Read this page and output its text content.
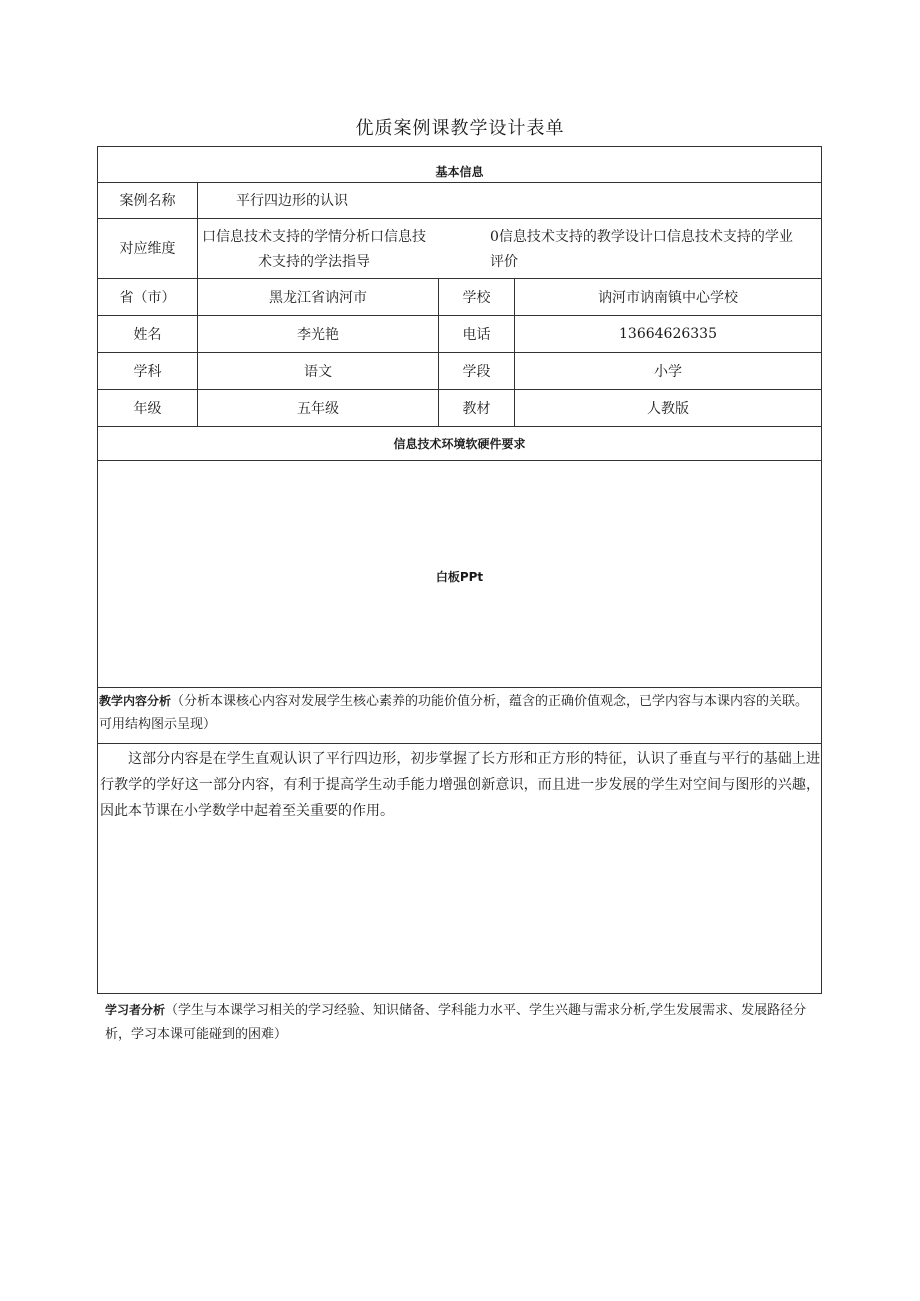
优质案例课教学设计表单
基本信息
案例名称	平行四边形的认识
对应维度
口信息技术支持的学情分析口信息技
术支持的学法指导
0信息技术支持的教学设计口信息技术支持的学业
评价
省（市）	黑龙江省讷河市	学校	讷河市讷南镇中心学校
姓名	李光艳	电话	13664626335
学科	语文	学段	小学
年级	五年级	教材	人教版
信息技术环境软硬件要求
白板PPt
教学内容分析（分析本课核心内容对发展学生核心素养的功能价值分析，蕴含的正确价值观念，已学内容与本课内容的关联。可用结构图示呈现）
这部分内容是在学生直观认识了平行四边形，初步掌握了长方形和正方形的特征，认识了垂直与平行的基础上进行教学的学好这一部分内容，有利于提高学生动手能力增强创新意识，而且进一步发展的学生对空间与图形的兴趣，因此本节课在小学数学中起着至关重要的作用。
学习者分析（学生与本课学习相关的学习经验、知识储备、学科能力水平、学生兴趣与需求分析,学生发展需求、发展路径分析，学习本课可能碰到的困难）
